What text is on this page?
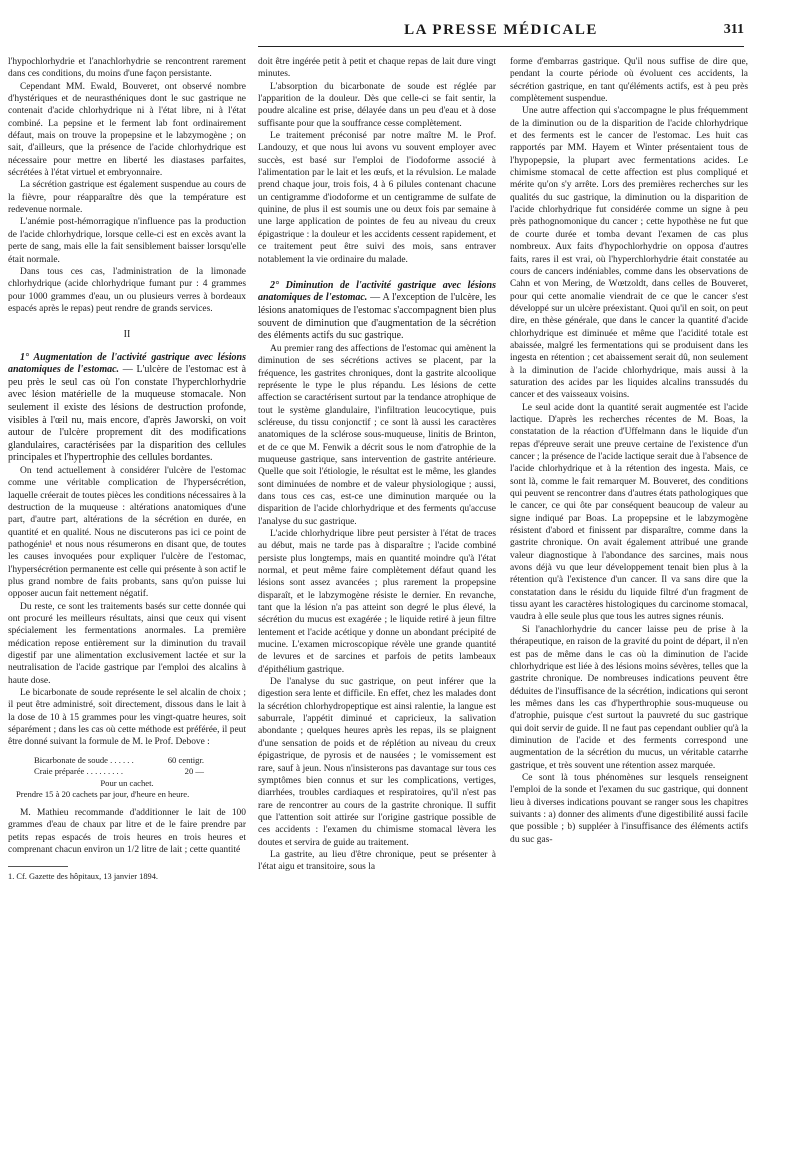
LA PRESSE MÉDICALE	311

l'hypochlorhydrie et l'anachlorhydrie se rencontrent rarement dans ces conditions, du moins d'une façon persistante.

Cependant MM. Ewald, Bouveret, ont observé nombre d'hystériques et de neurasthéniques dont le suc gastrique ne contenait d'acide chlorhydrique ni à l'état libre, ni à l'état combiné. La pepsine et le ferment lab font ordinairement défaut, mais on trouve la propepsine et le labzymogène ; on sait, d'ailleurs, que la présence de l'acide chlorhydrique est nécessaire pour mettre en liberté les diastases parfaites, sécrétées à l'état virtuel et embryonnaire.

La sécrétion gastrique est également suspendue au cours de la fièvre, pour réapparaître dès que la température est redevenue normale.

L'anémie post-hémorragique n'influence pas la production de l'acide chlorhydrique, lorsque celle-ci est en excès avant la perte de sang, mais elle la fait sensiblement baisser lorsqu'elle était normale.

Dans tous ces cas, l'administration de la limonade chlorhydrique (acide chlorhydrique fumant pur : 4 grammes pour 1000 grammes d'eau, un ou plusieurs verres à bordeaux espacés après le repas) peut rendre de grands services.

II

1° Augmentation de l'activité gastrique avec lésions anatomiques de l'estomac. — L'ulcère de l'estomac est à peu près le seul cas où l'on constate l'hyperchlorhydrie avec lésion matérielle de la muqueuse stomacale. Non seulement il existe des lésions de destruction profonde, visibles à l'œil nu, mais encore, d'après Jaworski, on voit autour de l'ulcère proprement dit des modifications glandulaires, caractérisées par la disparition des cellules principales et l'hypertrophie des cellules bordantes.

On tend actuellement à considérer l'ulcère de l'estomac comme une véritable complication de l'hypersécrétion, laquelle créerait de toutes pièces les conditions nécessaires à la destruction de la muqueuse : altérations anatomiques d'une part, d'autre part, altérations de la sécrétion en durée, en quantité et en qualité. Nous ne discuterons pas ici ce point de pathogénie¹ et nous nous résumerons en disant que, de toutes les causes invoquées pour expliquer l'ulcère de l'estomac, l'hypersécrétion permanente est celle qui présente à son actif le plus grand nombre de faits probants, sans qu'on puisse lui opposer aucun fait nettement négatif.

Du reste, ce sont les traitements basés sur cette donnée qui ont procuré les meilleurs résultats, ainsi que ceux qui visent spécialement les fermentations anormales. La première médication repose entièrement sur la diminution du travail digestif par une alimentation exclusivement lactée et sur la neutralisation de l'acide gastrique par l'emploi des alcalins à haute dose.

Le bicarbonate de soude représente le sel alcalin de choix ; il peut être administré, soit directement, dissous dans le lait à la dose de 10 à 15 grammes pour les vingt-quatre heures, soit séparément ; dans les cas où cette méthode est préférée, il peut être donné suivant la formule de M. le Prof. Debove :

Bicarbonate de soude . . . . . .	60 centigr.
Craie préparée . . . . . . . . .	20 —
Pour un cachet.
Prendre 15 à 20 cachets par jour, d'heure en heure.

M. Mathieu recommande d'additionner le lait de 100 grammes d'eau de chaux par litre et de le faire prendre par petits repas espacés de trois heures en trois heures et comprenant chacun environ un 1/2 litre de lait ; cette quantité

1. Cf. Gazette des hôpitaux, 13 janvier 1894.

doit être ingérée petit à petit et chaque repas de lait dure vingt minutes.

L'absorption du bicarbonate de soude est réglée par l'apparition de la douleur. Dès que celle-ci se fait sentir, la poudre alcaline est prise, délayée dans un peu d'eau et à dose suffisante pour que la souffrance cesse complètement.

Le traitement préconisé par notre maître M. le Prof. Landouzy, et que nous lui avons vu souvent employer avec succès, est basé sur l'emploi de l'iodoforme associé à l'alimentation par le lait et les œufs, et la révulsion. Le malade prend chaque jour, trois fois, 4 à 6 pilules contenant chacune un centigramme d'iodoforme et un centigramme de sulfate de quinine, de plus il est soumis une ou deux fois par semaine à une large application de pointes de feu au niveau du creux épigastrique : la douleur et les accidents cessent rapidement, et ce traitement peut être suivi des mois, sans entraver notablement la vie ordinaire du malade.

2° Diminution de l'activité gastrique avec lésions anatomiques de l'estomac. — A l'exception de l'ulcère, les lésions anatomiques de l'estomac s'accompagnent bien plus souvent de diminution que d'augmentation de la sécrétion des éléments actifs du suc gastrique.

Au premier rang des affections de l'estomac qui amènent la diminution de ses sécrétions actives se placent, par la fréquence, les gastrites chroniques, dont la gastrite alcoolique représente le type le plus répandu. Les lésions de cette affection se caractérisent surtout par la tendance atrophique de tout le système glandulaire, l'infiltration leucocytique, puis scléreuse, du tissu conjonctif ; ce sont là aussi les caractères anatomiques de la sclérose sous-muqueuse, linitis de Brinton, et de ce que M. Fenwik a décrit sous le nom d'atrophie de la muqueuse gastrique, sans intervention de gastrite antérieure. Quelle que soit l'étiologie, le résultat est le même, les glandes sont diminuées de nombre et de valeur physiologique ; aussi, dans tous ces cas, est-ce une diminution marquée ou la disparition de l'acide chlorhydrique et des ferments qu'accuse l'analyse du suc gastrique.

L'acide chlorhydrique libre peut persister à l'état de traces au début, mais ne tarde pas à disparaître ; l'acide combiné persiste plus longtemps, mais en quantité moindre qu'à l'état normal, et peut même faire complètement défaut quand les lésions sont assez avancées ; plus rarement la propepsine disparaît, et le labzymogène résiste le dernier. En revanche, tant que la lésion n'a pas atteint son degré le plus élevé, la sécrétion du mucus est exagérée ; le liquide retiré à jeun filtre lentement et l'acide acétique y donne un abondant précipité de mucine. L'examen microscopique révèle une grande quantité de levures et de sarcines et parfois de petits lambeaux d'épithélium gastrique.

De l'analyse du suc gastrique, on peut inférer que la digestion sera lente et difficile. En effet, chez les malades dont la sécrétion chlorhydropeptique est ainsi ralentie, la langue est saburrale, l'appétit diminué et capricieux, la salivation abondante ; quelques heures après les repas, ils se plaignent d'une sensation de poids et de réplétion au niveau du creux épigastrique, de pyrosis et de nausées ; le vomissement est rare, sauf à jeun. Nous n'insisterons pas davantage sur tous ces symptômes bien connus et sur les complications, vertiges, diarrhées, troubles cardiaques et respiratoires, qu'il n'est pas rare de rencontrer au cours de la gastrite chronique. Il suffit que l'attention soit attirée sur l'origine gastrique possible de ces accidents : l'examen du chimisme stomacal lèvera les doutes et servira de guide au traitement.

La gastrite, au lieu d'être chronique, peut se présenter à l'état aigu et transitoire, sous la

forme d'embarras gastrique. Qu'il nous suffise de dire que, pendant la courte période où évoluent ces accidents, la sécrétion gastrique, en tant qu'éléments actifs, est à peu près complètement suspendue.

Une autre affection qui s'accompagne le plus fréquemment de la diminution ou de la disparition de l'acide chlorhydrique et des ferments est le cancer de l'estomac. Les huit cas rapportés par MM. Hayem et Winter présentaient tous de l'hypopepsie, la plupart avec fermentations acides. Le chimisme stomacal de cette affection est plus compliqué et mérite qu'on s'y arrête. Lors des premières recherches sur les qualités du suc gastrique, la diminution ou la disparition de l'acide chlorhydrique fut considérée comme un signe à peu près pathognomonique du cancer ; cette hypothèse ne fut que de courte durée et tomba devant l'examen de cas plus nombreux. Aux faits d'hypochlorhydrie on opposa d'autres faits, rares il est vrai, où l'hyperchlorhydrie était constatée au cours de cancers indéniables, comme dans les observations de Cahn et von Mering, de Wœtzoldt, dans celles de Bouveret, pour qui cette anomalie viendrait de ce que le cancer s'est développé sur un ulcère préexistant. Quoi qu'il en soit, on peut dire, en thèse générale, que dans le cancer la quantité d'acide chlorhydrique est diminuée et même que l'acidité totale est abaissée, malgré les fermentations qui se produisent dans les ingesta en rétention ; cet abaissement serait dû, non seulement à la diminution de l'acide chlorhydrique, mais aussi à la saturation des acides par les liquides alcalins transsudés du cancer et des vaisseaux voisins.

Le seul acide dont la quantité serait augmentée est l'acide lactique. D'après les recherches récentes de M. Boas, la constatation de la réaction d'Uffelmann dans le liquide d'un repas d'épreuve serait une preuve certaine de l'existence d'un cancer ; la présence de l'acide lactique serait due à l'absence de l'acide chlorhydrique et à la rétention des ingesta. Mais, ce sont là, comme le fait remarquer M. Bouveret, des conditions qui peuvent se rencontrer dans d'autres états pathologiques que le cancer, ce qui ôte par conséquent beaucoup de valeur au signe indiqué par Boas. La propepsine et le labzymogène résistent d'abord et finissent par disparaître, comme dans la gastrite chronique. On avait également attribué une grande valeur diagnostique à l'abondance des sarcines, mais nous avons déjà vu que leur développement tenait bien plus à la rétention qu'à l'existence d'un cancer. Il va sans dire que la constatation dans le résidu du liquide filtré d'un fragment de tissu ayant les caractères histologiques du carcinome stomacal, vaudra à elle seule plus que tous les autres signes réunis.

Si l'anachlorhydrie du cancer laisse peu de prise à la thérapeutique, en raison de la gravité du point de départ, il n'en est pas de même dans le cas où la diminution de l'acide chlorhydrique est liée à des lésions moins sévères, telles que la gastrite chronique. De nombreuses indications peuvent être déduites de l'insuffisance de la sécrétion, indications qui seront les mêmes dans les cas d'hyperthrophie sous-muqueuse ou d'atrophie, puisque c'est surtout la pauvreté du suc gastrique qui doit servir de guide. Il ne faut pas cependant oublier qu'à la diminution de l'acide et des ferments correspond une augmentation de la sécrétion du mucus, un véritable catarrhe gastrique, et très souvent une rétention assez marquée.

Ce sont là tous phénomènes sur lesquels renseignent l'emploi de la sonde et l'examen du suc gastrique, qui donnent lieu à diverses indications pouvant se ranger sous les chapitres suivants : a) donner des aliments d'une digestibilité aussi facile que possible ; b) suppléer à l'insuffisance des éléments actifs du suc gas-
